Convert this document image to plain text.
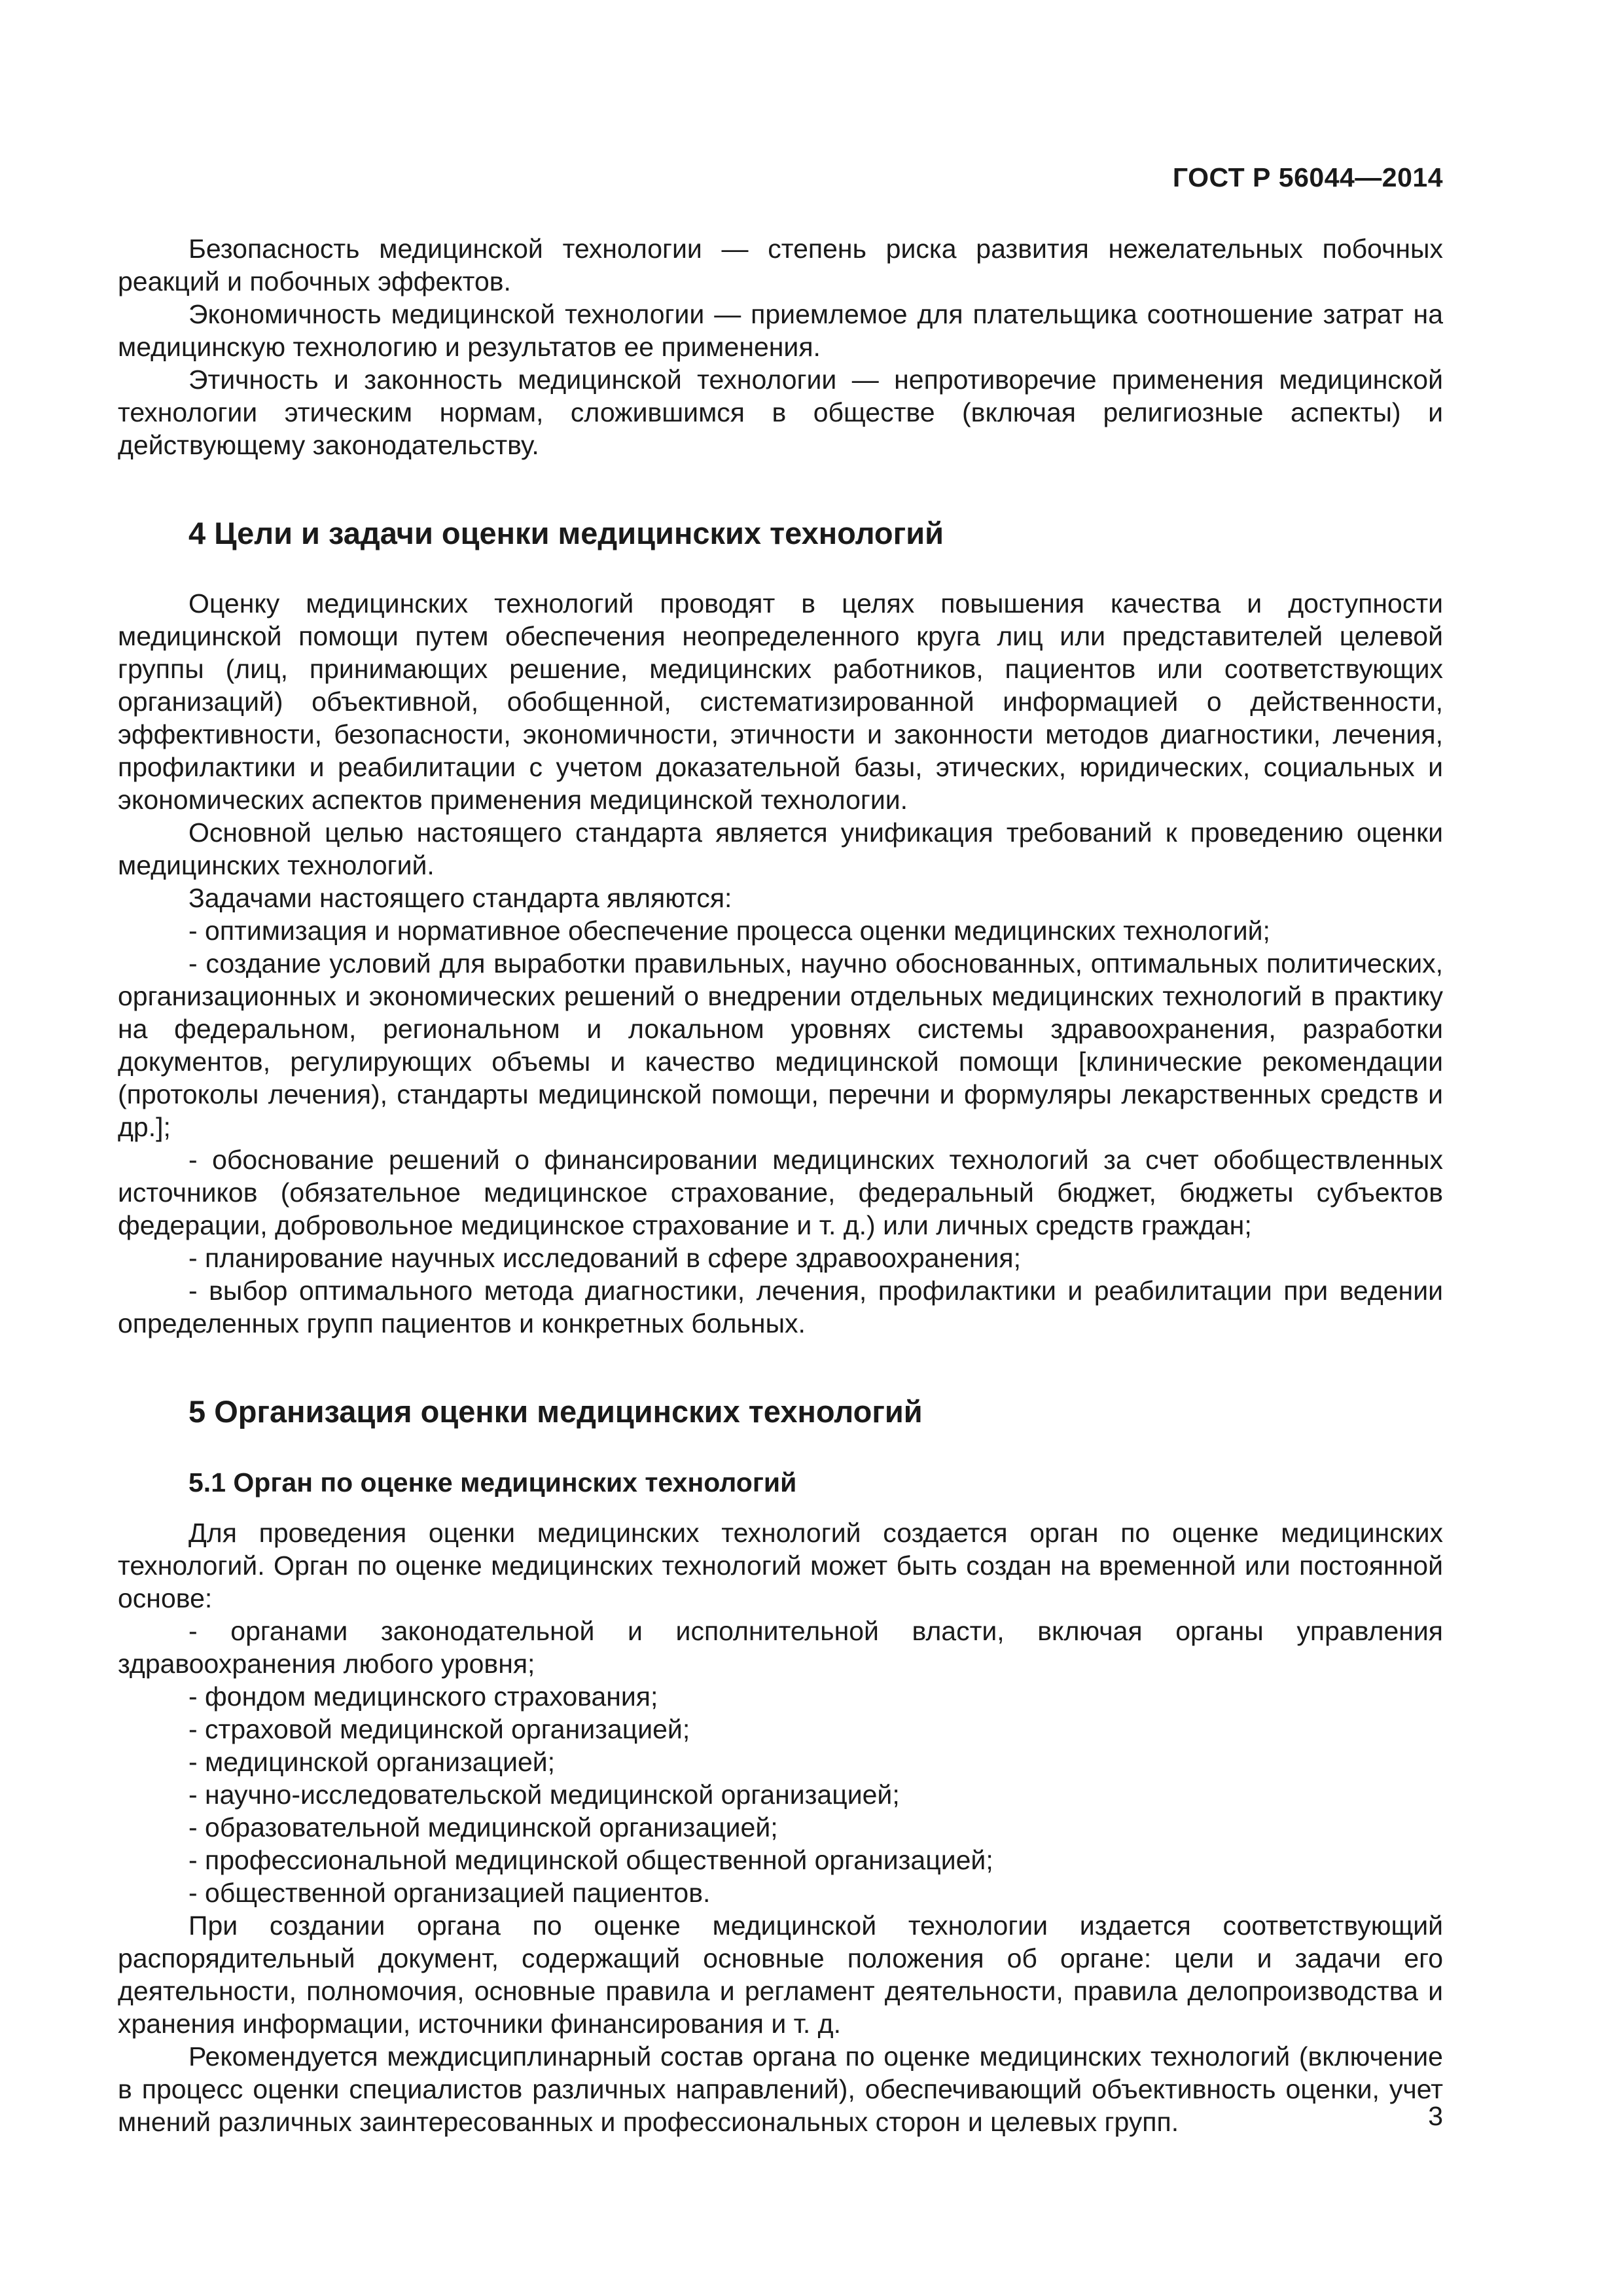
ГОСТ Р 56044—2014

Безопасность медицинской технологии — степень риска развития нежелательных побочных реакций и побочных эффектов.

Экономичность медицинской технологии — приемлемое для плательщика соотношение затрат на медицинскую технологию и результатов ее применения.

Этичность и законность медицинской технологии — непротиворечие применения медицинской технологии этическим нормам, сложившимся в обществе (включая религиозные аспекты) и действующему законодательству.

4 Цели и задачи оценки медицинских технологий

Оценку медицинских технологий проводят в целях повышения качества и доступности медицинской помощи путем обеспечения неопределенного круга лиц или представителей целевой группы (лиц, принимающих решение, медицинских работников, пациентов или соответствующих организаций) объективной, обобщенной, систематизированной информацией о действенности, эффективности, безопасности, экономичности, этичности и законности методов диагностики, лечения, профилактики и реабилитации с учетом доказательной базы, этических, юридических, социальных и экономических аспектов применения медицинской технологии.

Основной целью настоящего стандарта является унификация требований к проведению оценки медицинских технологий.

Задачами настоящего стандарта являются:

- оптимизация и нормативное обеспечение процесса оценки медицинских технологий;

- создание условий для выработки правильных, научно обоснованных, оптимальных политических, организационных и экономических решений о внедрении отдельных медицинских технологий в практику на федеральном, региональном и локальном уровнях системы здравоохранения, разработки документов, регулирующих объемы и качество медицинской помощи [клинические рекомендации (протоколы лечения), стандарты медицинской помощи, перечни и формуляры лекарственных средств и др.];

- обоснование решений о финансировании медицинских технологий за счет обобществленных источников (обязательное медицинское страхование, федеральный бюджет, бюджеты субъектов федерации, добровольное медицинское страхование и т. д.) или личных средств граждан;

- планирование научных исследований в сфере здравоохранения;

- выбор оптимального метода диагностики, лечения, профилактики и реабилитации при ведении определенных групп пациентов и конкретных больных.

5 Организация оценки медицинских технологий
5.1 Орган по оценке медицинских технологий

Для проведения оценки медицинских технологий создается орган по оценке медицинских технологий. Орган по оценке медицинских технологий может быть создан на временной или постоянной основе:

- органами законодательной и исполнительной власти, включая органы управления здравоохранения любого уровня;

- фондом медицинского страхования;

- страховой медицинской организацией;

- медицинской организацией;

- научно-исследовательской медицинской организацией;

- образовательной медицинской организацией;

- профессиональной медицинской общественной организацией;

- общественной организацией пациентов.

При создании органа по оценке медицинской технологии издается соответствующий распорядительный документ, содержащий основные положения об органе: цели и задачи его деятельности, полномочия, основные правила и регламент деятельности, правила делопроизводства и хранения информации, источники финансирования и т. д.

Рекомендуется междисциплинарный состав органа по оценке медицинских технологий (включение в процесс оценки специалистов различных направлений), обеспечивающий объективность оценки, учет мнений различных заинтересованных и профессиональных сторон и целевых групп.	3
